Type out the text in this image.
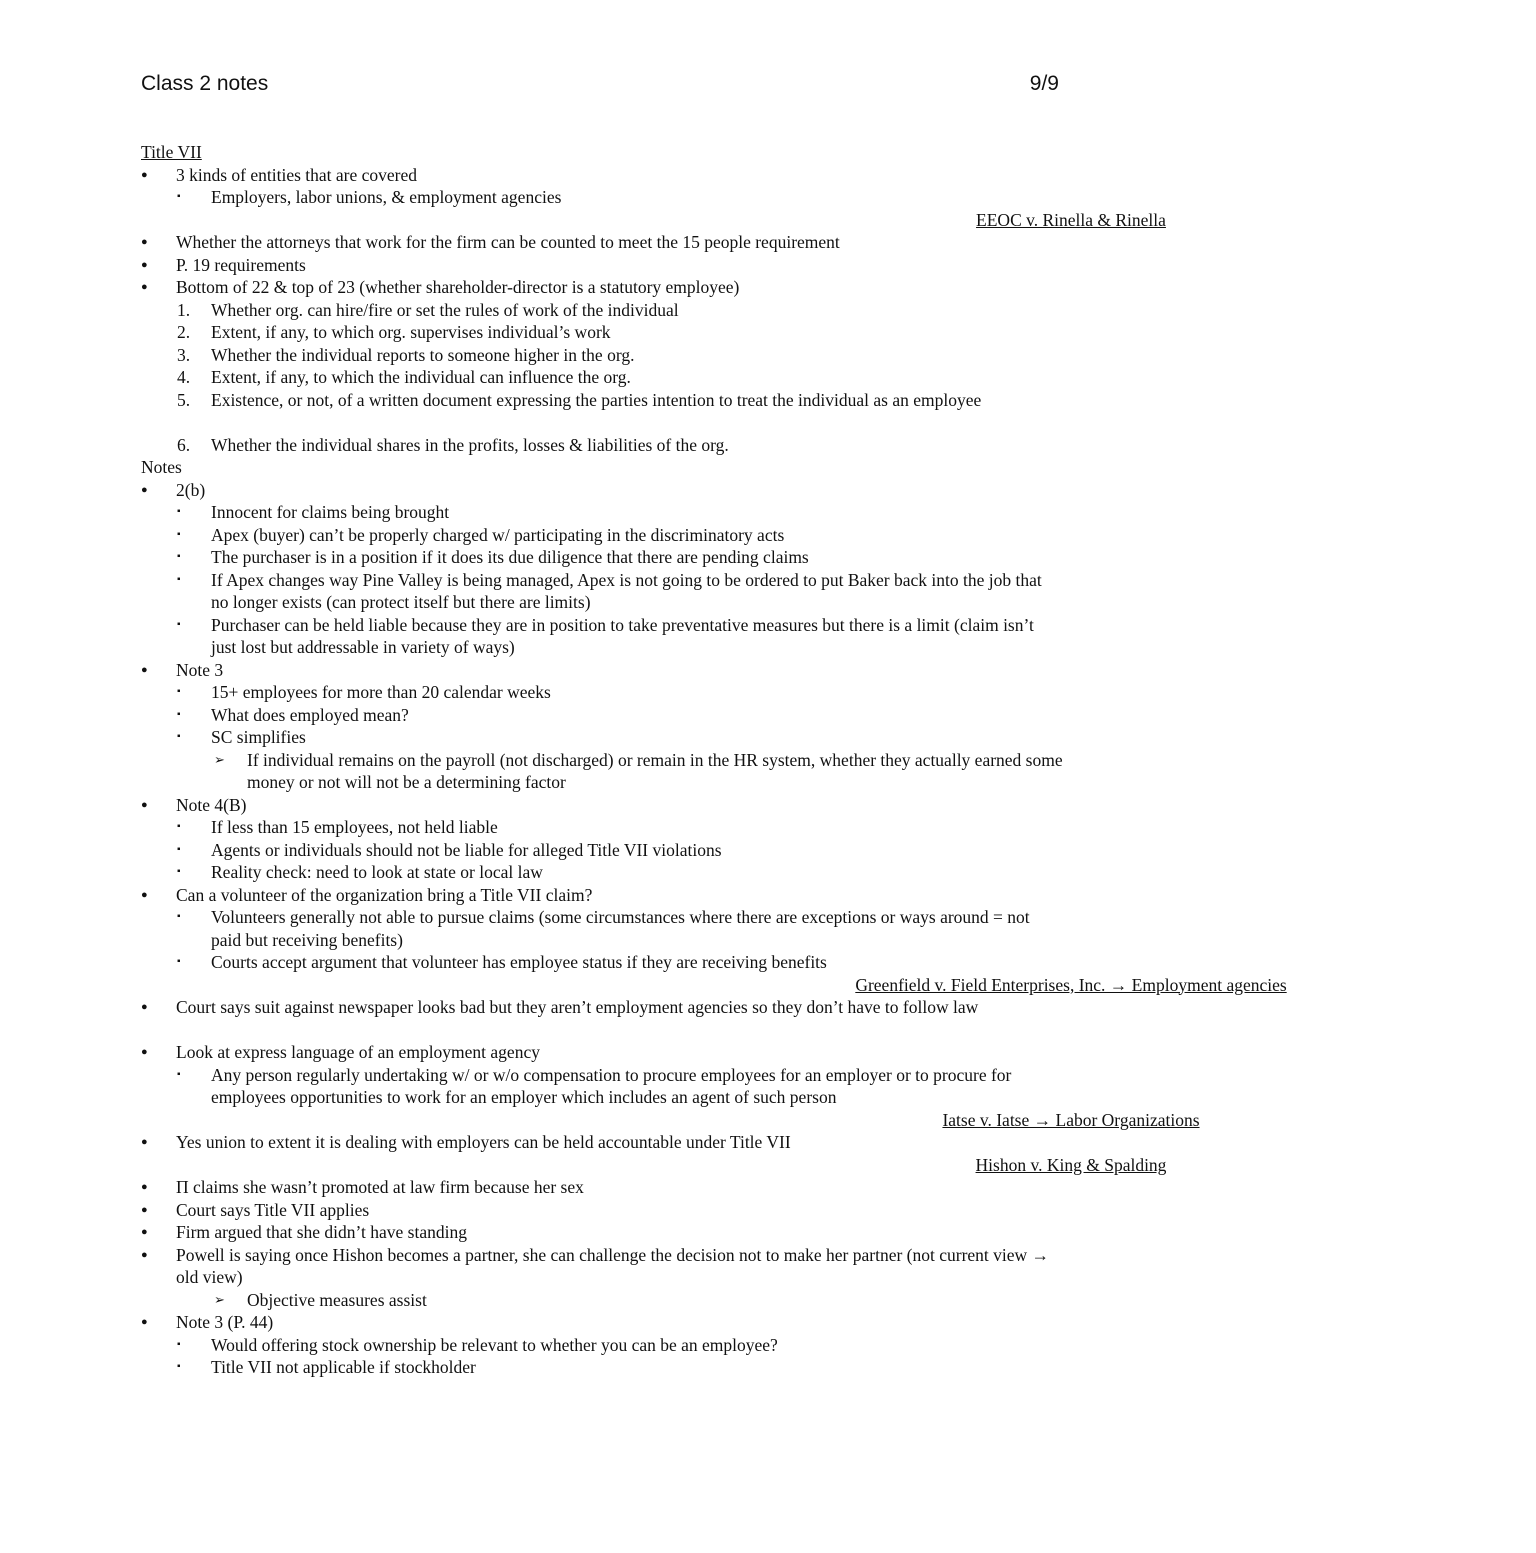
Class 2 notes	9/9
Title VII
● 3 kinds of entities that are covered
▪ Employers, labor unions, & employment agencies
EEOC v. Rinella & Rinella
● Whether the attorneys that work for the firm can be counted to meet the 15 people requirement
● P. 19 requirements
● Bottom of 22 & top of 23 (whether shareholder-director is a statutory employee)
1. Whether org. can hire/fire or set the rules of work of the individual
2. Extent, if any, to which org. supervises individual’s work
3. Whether the individual reports to someone higher in the org.
4. Extent, if any, to which the individual can influence the org.
5. Existence, or not, of a written document expressing the parties intention to treat the individual as an employee
6. Whether the individual shares in the profits, losses & liabilities of the org.
Notes
● 2(b)
▪ Innocent for claims being brought
▪ Apex (buyer) can’t be properly charged w/ participating in the discriminatory acts
▪ The purchaser is in a position if it does its due diligence that there are pending claims
▪ If Apex changes way Pine Valley is being managed, Apex is not going to be ordered to put Baker back into the job that no longer exists (can protect itself but there are limits)
▪ Purchaser can be held liable because they are in position to take preventative measures but there is a limit (claim isn’t just lost but addressable in variety of ways)
● Note 3
▪ 15+ employees for more than 20 calendar weeks
▪ What does employed mean?
▪ SC simplifies
➢ If individual remains on the payroll (not discharged) or remain in the HR system, whether they actually earned some money or not will not be a determining factor
● Note 4(B)
▪ If less than 15 employees, not held liable
▪ Agents or individuals should not be liable for alleged Title VII violations
▪ Reality check: need to look at state or local law
● Can a volunteer of the organization bring a Title VII claim?
▪ Volunteers generally not able to pursue claims (some circumstances where there are exceptions or ways around = not paid but receiving benefits)
▪ Courts accept argument that volunteer has employee status if they are receiving benefits
Greenfield v. Field Enterprises, Inc. → Employment agencies
● Court says suit against newspaper looks bad but they aren’t employment agencies so they don’t have to follow law
● Look at express language of an employment agency
▪ Any person regularly undertaking w/ or w/o compensation to procure employees for an employer or to procure for employees opportunities to work for an employer which includes an agent of such person
Iatse v. Iatse → Labor Organizations
● Yes union to extent it is dealing with employers can be held accountable under Title VII
Hishon v. King & Spalding
● Π claims she wasn’t promoted at law firm because her sex
● Court says Title VII applies
● Firm argued that she didn’t have standing
● Powell is saying once Hishon becomes a partner, she can challenge the decision not to make her partner (not current view → old view)
➢ Objective measures assist
● Note 3 (P. 44)
▪ Would offering stock ownership be relevant to whether you can be an employee?
▪ Title VII not applicable if stockholder
